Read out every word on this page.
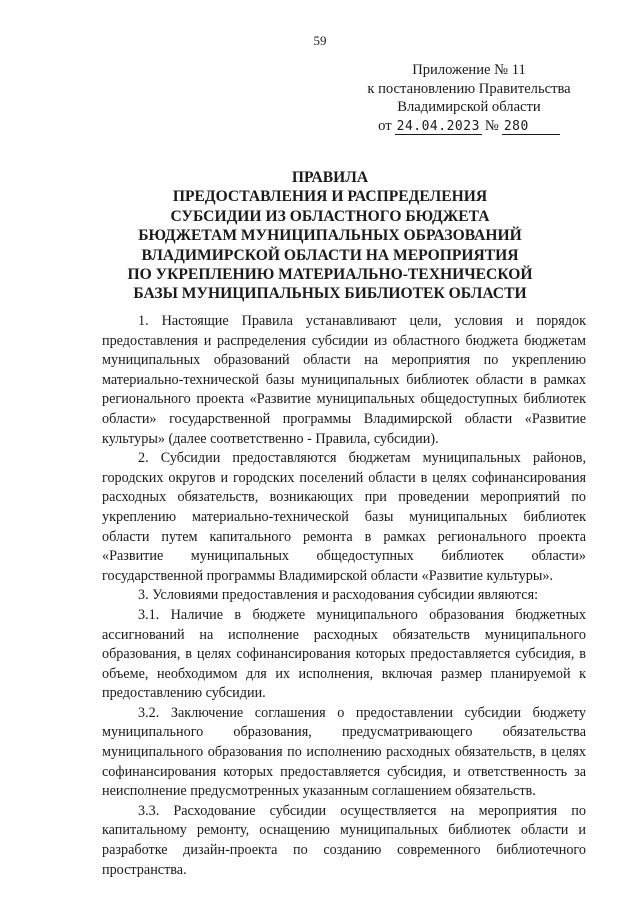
59
Приложение № 11
к постановлению Правительства
Владимирской области
от 24.04.2023 № 280
ПРАВИЛА
ПРЕДОСТАВЛЕНИЯ И РАСПРЕДЕЛЕНИЯ
СУБСИДИИ ИЗ ОБЛАСТНОГО БЮДЖЕТА
БЮДЖЕТАМ МУНИЦИПАЛЬНЫХ ОБРАЗОВАНИЙ
ВЛАДИМИРСКОЙ ОБЛАСТИ НА МЕРОПРИЯТИЯ
ПО УКРЕПЛЕНИЮ МАТЕРИАЛЬНО-ТЕХНИЧЕСКОЙ
БАЗЫ МУНИЦИПАЛЬНЫХ БИБЛИОТЕК ОБЛАСТИ

1. Настоящие Правила устанавливают цели, условия и порядок предоставления и распределения субсидии из областного бюджета бюджетам муниципальных образований области на мероприятия по укреплению материально-технической базы муниципальных библиотек области в рамках регионального проекта «Развитие муниципальных общедоступных библиотек области» государственной программы Владимирской области «Развитие культуры» (далее соответственно - Правила, субсидии).

2. Субсидии предоставляются бюджетам муниципальных районов, городских округов и городских поселений области в целях софинансирования расходных обязательств, возникающих при проведении мероприятий по укреплению материально-технической базы муниципальных библиотек области путем капитального ремонта в рамках регионального проекта «Развитие муниципальных общедоступных библиотек области» государственной программы Владимирской области «Развитие культуры».

3. Условиями предоставления и расходования субсидии являются:

3.1. Наличие в бюджете муниципального образования бюджетных ассигнований на исполнение расходных обязательств муниципального образования, в целях софинансирования которых предоставляется субсидия, в объеме, необходимом для их исполнения, включая размер планируемой к предоставлению субсидии.

3.2. Заключение соглашения о предоставлении субсидии бюджету муниципального образования, предусматривающего обязательства муниципального образования по исполнению расходных обязательств, в целях софинансирования которых предоставляется субсидия, и ответственность за неисполнение предусмотренных указанным соглашением обязательств.

3.3. Расходование субсидии осуществляется на мероприятия по капитальному ремонту, оснащению муниципальных библиотек области и разработке дизайн-проекта по созданию современного библиотечного пространства.
